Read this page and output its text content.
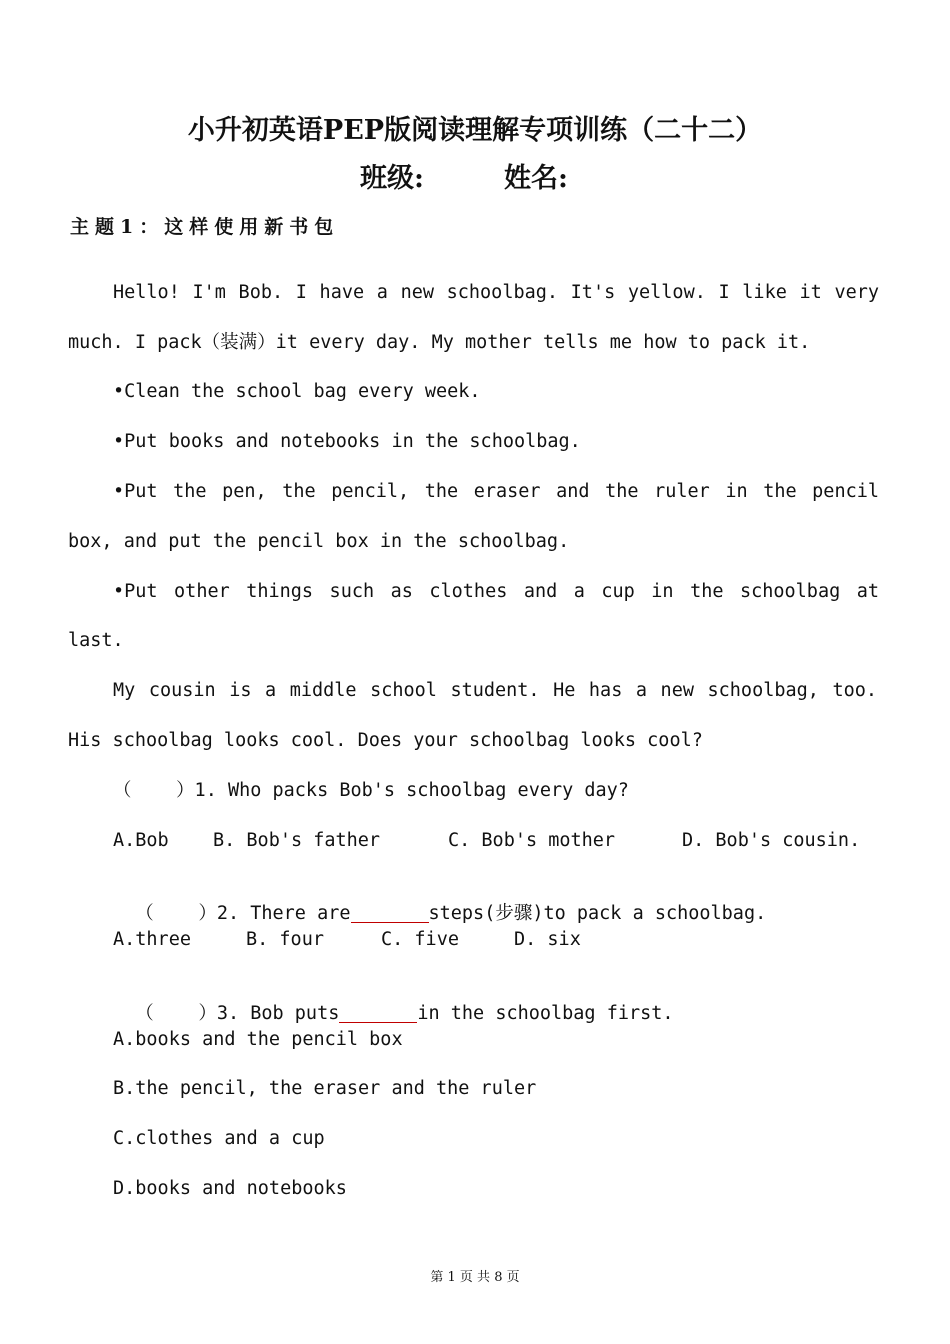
小升初英语PEP版阅读理解专项训练（二十二）
班级:	姓名:
主题1：这样使用新书包
Hello! I'm Bob. I have a new schoolbag. It's yellow. I like it very
much. I pack（装满）it every day. My mother tells me how to pack it.
•Clean the school bag every week.
•Put books and notebooks in the schoolbag.
•Put the pen, the pencil, the eraser and the ruler in the pencil
box, and put the pencil box in the schoolbag.
•Put other things such as clothes and a cup in the schoolbag at
last.
My cousin is a middle school student. He has a new schoolbag, too.
His schoolbag looks cool. Does your schoolbag looks cool?
（    ）1. Who packs Bob's schoolbag every day?
A.Bob B. Bob's father	C. Bob's mother	D. Bob's cousin.

（    ）2. There are	steps(步骤)to pack a schoolbag.

A.three	B. four	C. five	D. six

（    ）3. Bob puts	in the schoolbag first.

A.books and the pencil box
B.the pencil, the eraser and the ruler
C.clothes and a cup
D.books and notebooks
第 1 页 共 8 页
